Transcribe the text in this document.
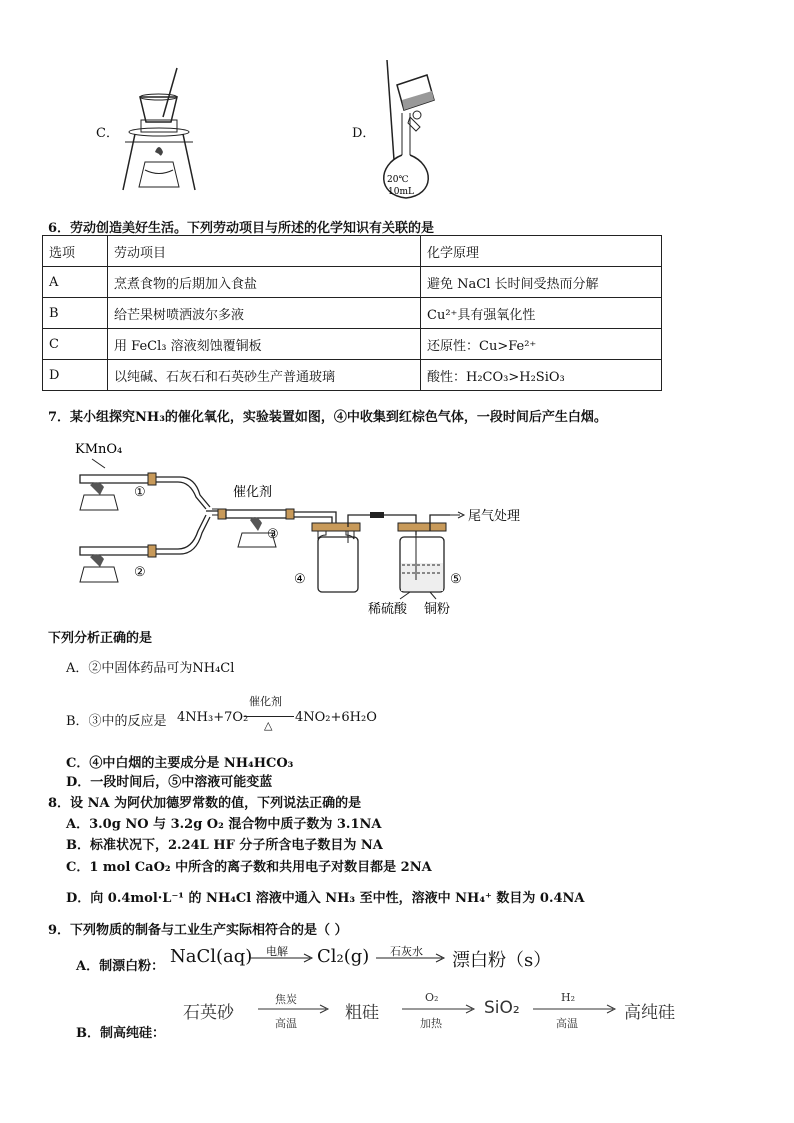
C．	D．
20℃
10mL
6．劳动创造美好生活。下列劳动项目与所述的化学知识有关联的是
选项	劳动项目	化学原理
A	烹煮食物的后期加入食盐	避免 NaCl 长时间受热而分解
B	给芒果树喷洒波尔多液	Cu²⁺具有强氧化性
C	用 FeCl₃ 溶液刻蚀覆铜板	还原性：Cu>Fe²⁺
D	以纯碱、石灰石和石英砂生产普通玻璃	酸性：H₂CO₃>H₂SiO₃
7．某小组探究NH₃的催化氧化，实验装置如图，④中收集到红棕色气体，一段时间后产生白烟。
KMnO₄
①
②
催化剂
③
④
尾气处理
⑤
稀硫酸 铜粉
下列分析正确的是
A．②中固体药品可为NH₄Cl
B．③中的反应是 4NH₃+7O₂
催化剂
△
4NO₂+6H₂O
C．④中白烟的主要成分是 NH₄HCO₃
D．一段时间后，⑤中溶液可能变蓝
8．设 NA 为阿伏加德罗常数的值，下列说法正确的是
A．3.0g NO 与 3.2g O₂ 混合物中质子数为 3.1NA
B．标准状况下，2.24L HF 分子所含电子数目为 NA
C．1 mol CaO₂ 中所含的离子数和共用电子对数目都是 2NA
D．向 0.4mol·L⁻¹ 的 NH₄Cl 溶液中通入 NH₃ 至中性，溶液中 NH₄⁺ 数目为 0.4NA
9．下列物质的制备与工业生产实际相符合的是（ ）
A．制漂白粉： NaCl(aq) 电解 Cl₂(g) 石灰水 漂白粉（s）
石英砂
焦炭
高温
粗硅
O₂
加热
SiO₂
H₂
高温
高纯硅
B．制高纯硅：
